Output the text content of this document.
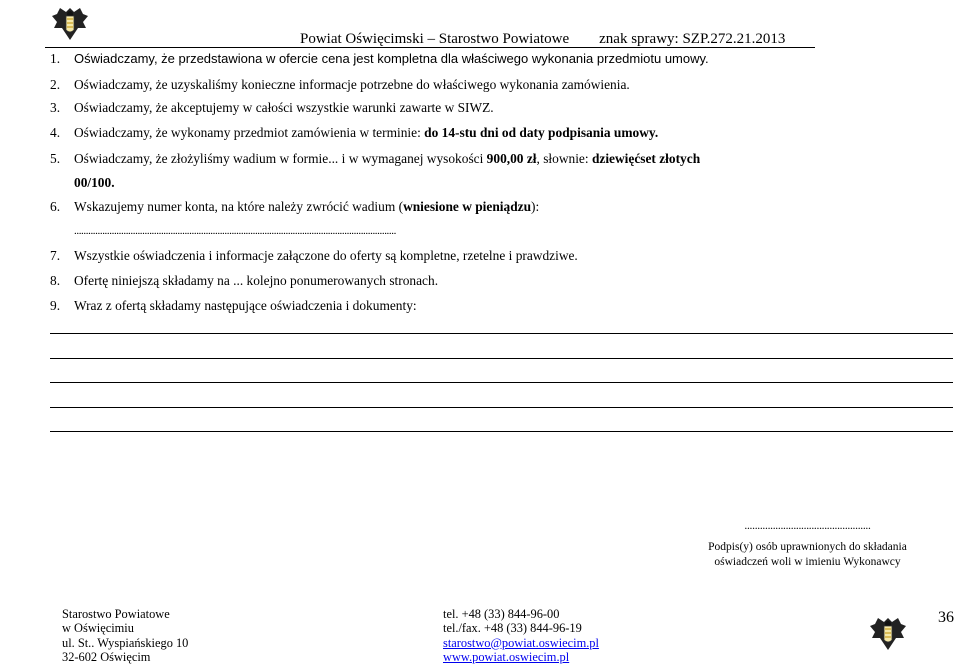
Powiat Oświęcimski – Starostwo Powiatowe        znak sprawy: SZP.272.21.2013
1. Oświadczamy, że przedstawiona w ofercie cena jest kompletna dla właściwego wykonania przedmiotu umowy.
2. Oświadczamy, że uzyskaliśmy konieczne informacje potrzebne do właściwego wykonania zamówienia.
3. Oświadczamy, że akceptujemy w całości wszystkie warunki zawarte w SIWZ.
4. Oświadczamy, że wykonamy przedmiot zamówienia w terminie: do 14-stu dni od daty podpisania umowy.
5. Oświadczamy, że złożyliśmy wadium w formie... i w wymaganej wysokości 900,00 zł, słownie: dziewięćset złotych
00/100.
6. Wskazujemy numer konta, na które należy zwrócić wadium (wniesione w pieniądzu):
.........................................................................................................................................
7. Wszystkie oświadczenia i informacje załączone do oferty są kompletne, rzetelne i prawdziwe.
8. Ofertę niniejszą składamy na ... kolejno ponumerowanych stronach.
9. Wraz z ofertą składamy następujące oświadczenia i dokumenty:
.................................................
Podpis(y) osób uprawnionych do składania
oświadczeń woli w imieniu Wykonawcy
Starostwo Powiatowe
w Oświęcimiu
ul. St.. Wyspiańskiego 10
32-602 Oświęcim
tel. +48 (33) 844-96-00
tel./fax. +48 (33) 844-96-19
starostwo@powiat.oswiecim.pl
www.powiat.oswiecim.pl
36
